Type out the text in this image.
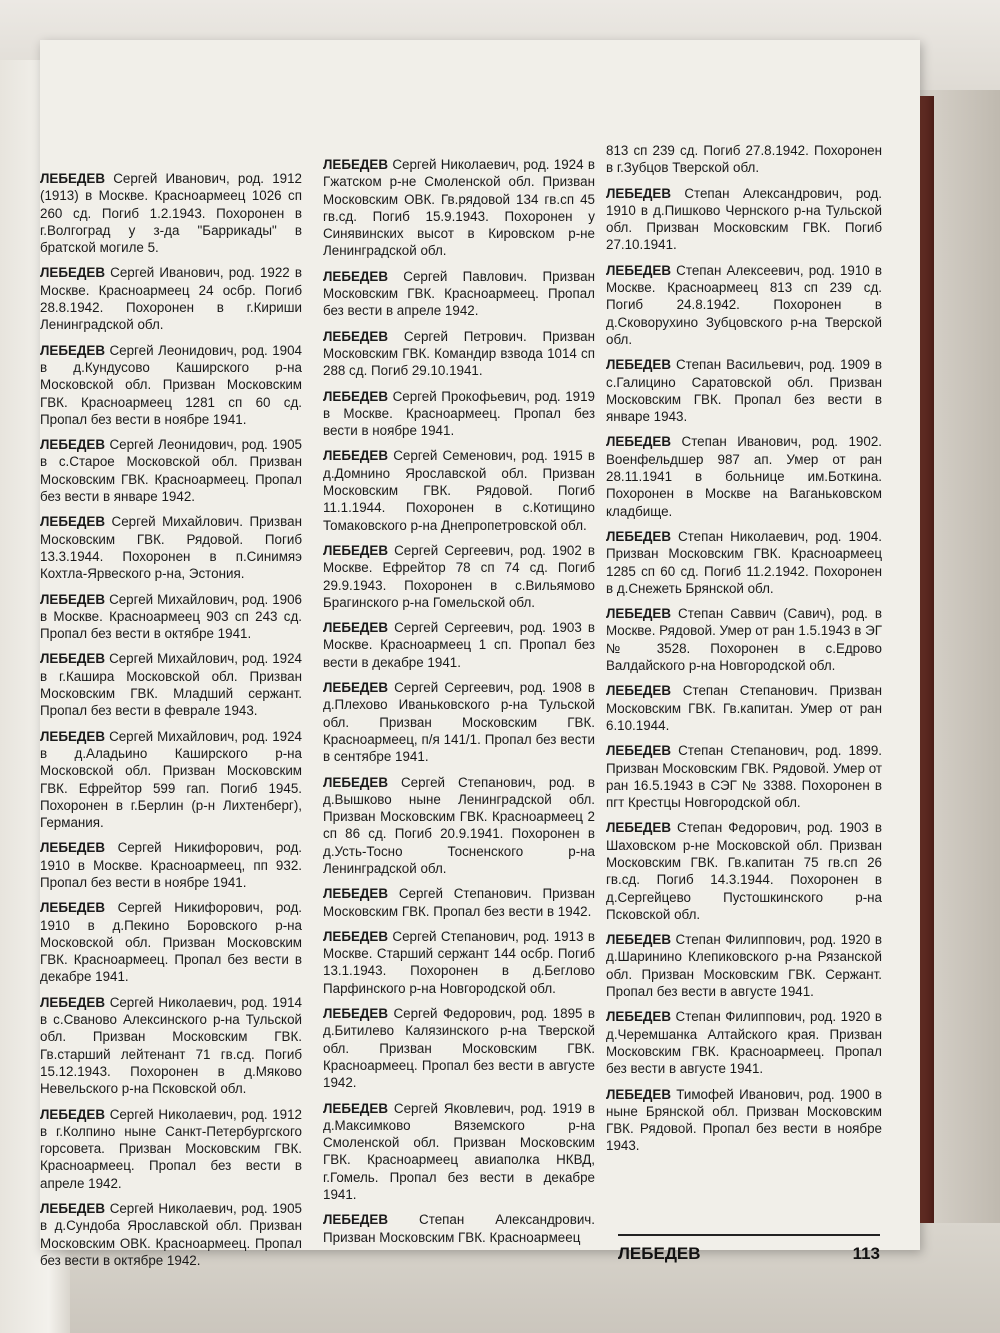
ЛЕБЕДЕВ Сергей Иванович, род. 1912 (1913) в Москве. Красноармеец 1026 сп 260 сд. Погиб 1.2.1943. Похоронен в г.Волгоград у з-да "Баррикады" в братской могиле 5.

ЛЕБЕДЕВ Сергей Иванович, род. 1922 в Москве. Красноармеец 24 осбр. Погиб 28.8.1942. Похоронен в г.Кириши Ленинградской обл.

ЛЕБЕДЕВ Сергей Леонидович, род. 1904 в д.Кундусово Каширского р-на Московской обл. Призван Московским ГВК. Красноармеец 1281 сп 60 сд. Пропал без вести в ноябре 1941.

ЛЕБЕДЕВ Сергей Леонидович, род. 1905 в с.Старое Московской обл. Призван Московским ГВК. Красноармеец. Пропал без вести в январе 1942.

ЛЕБЕДЕВ Сергей Михайлович. Призван Московским ГВК. Рядовой. Погиб 13.3.1944. Похоронен в п.Синимяэ Кохтла-Ярвеского р-на, Эстония.

ЛЕБЕДЕВ Сергей Михайлович, род. 1906 в Москве. Красноармеец 903 сп 243 сд. Пропал без вести в октябре 1941.

ЛЕБЕДЕВ Сергей Михайлович, род. 1924 в г.Кашира Московской обл. Призван Московским ГВК. Младший сержант. Пропал без вести в феврале 1943.

ЛЕБЕДЕВ Сергей Михайлович, род. 1924 в д.Аладьино Каширского р-на Московской обл. Призван Московским ГВК. Ефрейтор 599 гап. Погиб 1945. Похоронен в г.Берлин (р-н Лихтенберг), Германия.

ЛЕБЕДЕВ Сергей Никифорович, род. 1910 в Москве. Красноармеец, пп 932. Пропал без вести в ноябре 1941.

ЛЕБЕДЕВ Сергей Никифорович, род. 1910 в д.Пекино Боровского р-на Московской обл. Призван Московским ГВК. Красноармеец. Пропал без вести в декабре 1941.

ЛЕБЕДЕВ Сергей Николаевич, род. 1914 в с.Сваново Алексинского р-на Тульской обл. Призван Московским ГВК. Гв.старший лейтенант 71 гв.сд. Погиб 15.12.1943. Похоронен в д.Мяково Невельского р-на Псковской обл.

ЛЕБЕДЕВ Сергей Николаевич, род. 1912 в г.Колпино ныне Санкт-Петербургского горсовета. Призван Московским ГВК. Красноармеец. Пропал без вести в апреле 1942.

ЛЕБЕДЕВ Сергей Николаевич, род. 1905 в д.Сундоба Ярославской обл. Призван Московским ОВК. Красноармеец. Пропал без вести в октябре 1942.

ЛЕБЕДЕВ Сергей Николаевич, род. 1924 в Гжатском р-не Смоленской обл. Призван Московским ОВК. Гв.рядовой 134 гв.сп 45 гв.сд. Погиб 15.9.1943. Похоронен у Синявинских высот в Кировском р-не Ленинградской обл.

ЛЕБЕДЕВ Сергей Павлович. Призван Московским ГВК. Красноармеец. Пропал без вести в апреле 1942.

ЛЕБЕДЕВ Сергей Петрович. Призван Московским ГВК. Командир взвода 1014 сп 288 сд. Погиб 29.10.1941.

ЛЕБЕДЕВ Сергей Прокофьевич, род. 1919 в Москве. Красноармеец. Пропал без вести в ноябре 1941.

ЛЕБЕДЕВ Сергей Семенович, род. 1915 в д.Домнино Ярославской обл. Призван Московским ГВК. Рядовой. Погиб 11.1.1944. Похоронен в с.Котищино Томаковского р-на Днепропетровской обл.

ЛЕБЕДЕВ Сергей Сергеевич, род. 1902 в Москве. Ефрейтор 78 сп 74 сд. Погиб 29.9.1943. Похоронен в с.Вильямово Брагинского р-на Гомельской обл.

ЛЕБЕДЕВ Сергей Сергеевич, род. 1903 в Москве. Красноармеец 1 сп. Пропал без вести в декабре 1941.

ЛЕБЕДЕВ Сергей Сергеевич, род. 1908 в д.Плехово Иваньковского р-на Тульской обл. Призван Московским ГВК. Красноармеец, п/я 141/1. Пропал без вести в сентябре 1941.

ЛЕБЕДЕВ Сергей Степанович, род. в д.Вышково ныне Ленинградской обл. Призван Московским ГВК. Красноармеец 2 сп 86 сд. Погиб 20.9.1941. Похоронен в д.Усть-Тосно Тосненского р-на Ленинградской обл.

ЛЕБЕДЕВ Сергей Степанович. Призван Московским ГВК. Пропал без вести в 1942.

ЛЕБЕДЕВ Сергей Степанович, род. 1913 в Москве. Старший сержант 144 осбр. Погиб 13.1.1943. Похоронен в д.Беглово Парфинского р-на Новгородской обл.

ЛЕБЕДЕВ Сергей Федорович, род. 1895 в д.Битилево Калязинского р-на Тверской обл. Призван Московским ГВК. Красноармеец. Пропал без вести в августе 1942.

ЛЕБЕДЕВ Сергей Яковлевич, род. 1919 в д.Максимково Вяземского р-на Смоленской обл. Призван Московским ГВК. Красноармеец авиаполка НКВД, г.Гомель. Пропал без вести в декабре 1941.

ЛЕБЕДЕВ Степан Александрович. Призван Московским ГВК. Красноармеец

813 сп 239 сд. Погиб 27.8.1942. Похоронен в г.Зубцов Тверской обл.

ЛЕБЕДЕВ Степан Александрович, род. 1910 в д.Пишково Чернского р-на Тульской обл. Призван Московским ГВК. Погиб 27.10.1941.

ЛЕБЕДЕВ Степан Алексеевич, род. 1910 в Москве. Красноармеец 813 сп 239 сд. Погиб 24.8.1942. Похоронен в д.Сковорухино Зубцовского р-на Тверской обл.

ЛЕБЕДЕВ Степан Васильевич, род. 1909 в с.Галицино Саратовской обл. Призван Московским ГВК. Пропал без вести в январе 1943.

ЛЕБЕДЕВ Степан Иванович, род. 1902. Военфельдшер 987 ап. Умер от ран 28.11.1941 в больнице им.Боткина. Похоронен в Москве на Ваганьковском кладбище.

ЛЕБЕДЕВ Степан Николаевич, род. 1904. Призван Московским ГВК. Красноармеец 1285 сп 60 сд. Погиб 11.2.1942. Похоронен в д.Снежеть Брянской обл.

ЛЕБЕДЕВ Степан Саввич (Савич), род. в Москве. Рядовой. Умер от ран 1.5.1943 в ЭГ № 3528. Похоронен в с.Едрово Валдайского р-на Новгородской обл.

ЛЕБЕДЕВ Степан Степанович. Призван Московским ГВК. Гв.капитан. Умер от ран 6.10.1944.

ЛЕБЕДЕВ Степан Степанович, род. 1899. Призван Московским ГВК. Рядовой. Умер от ран 16.5.1943 в СЭГ № 3388. Похоронен в пгт Крестцы Новгородской обл.

ЛЕБЕДЕВ Степан Федорович, род. 1903 в Шаховском р-не Московской обл. Призван Московским ГВК. Гв.капитан 75 гв.сп 26 гв.сд. Погиб 14.3.1944. Похоронен в д.Сергейцево Пустошкинского р-на Псковской обл.

ЛЕБЕДЕВ Степан Филиппович, род. 1920 в д.Шаринино Клепиковского р-на Рязанской обл. Призван Московским ГВК. Сержант. Пропал без вести в августе 1941.

ЛЕБЕДЕВ Степан Филиппович, род. 1920 в д.Черемшанка Алтайского края. Призван Московским ГВК. Красноармеец. Пропал без вести в августе 1941.

ЛЕБЕДЕВ Тимофей Иванович, род. 1900 в ныне Брянской обл. Призван Московским ГВК. Рядовой. Пропал без вести в ноябре 1943.

ЛЕБЕДЕВ	113
